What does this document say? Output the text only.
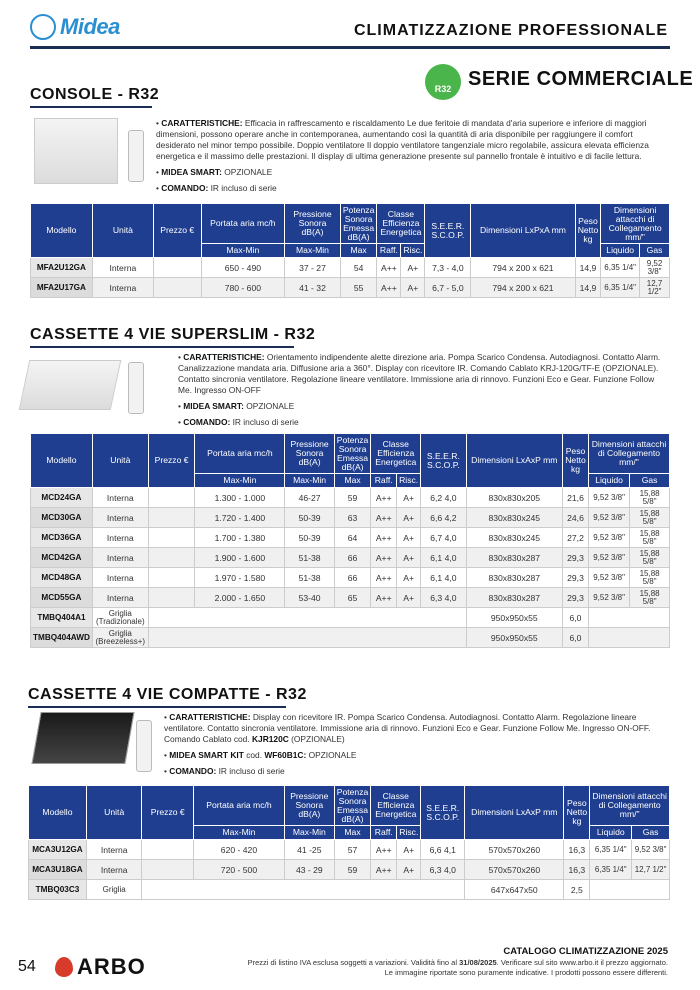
Midea	CLIMATIZZAZIONE PROFESSIONALE
R32 SERIE COMMERCIALE
CONSOLE - R32

• CARATTERISTICHE: Efficacia in raffrescamento e riscaldamento Le due feritoie di mandata d'aria superiore e inferiore di maggiori dimensioni, possono operare anche in contemporanea, aumentando così la quantità di aria disponibile per raggiungere il comfort desiderato nel minor tempo possibile. Doppio ventilatore Il doppio ventilatore tangenziale micro regolabile, assicura elevata efficienza energetica e il massimo delle prestazioni. Il display di ultima generazione presente sul pannello frontale è intuitivo e di facile lettura.

• MIDEA SMART: OPZIONALE

• COMANDO: IR incluso di serie

Modello	Unità	Prezzo €	Portata aria mc/h	Pressione Sonora dB(A)	Potenza Sonora Emessa dB(A)	Classe Efficienza Energetica		S.E.E.R. S.C.O.P.	Dimensioni LxPxA mm	Peso Netto kg	Dimensioni attacchi di Collegamento mm/"	
			Max-Min	Max-Min	Max	Raff.	Risc.				Liquido	Gas
MFA2U12GA	Interna		650 - 490	37 - 27	54	A++	A+	7,3 - 4,0	794 x 200 x 621	14,9	6,35 1/4"	9,52 3/8"
MFA2U17GA	Interna		780 - 600	41 - 32	55	A++	A+	6,7 - 5,0	794 x 200 x 621	14,9	6,35 1/4"	12,7 1/2"
CASSETTE 4 VIE SUPERSLIM - R32

• CARATTERISTICHE: Orientamento indipendente alette direzione aria. Pompa Scarico Condensa. Autodiagnosi. Contatto Alarm. Canalizzazione mandata aria. Diffusione aria a 360°. Display con ricevitore IR. Comando Cablato KRJ-120G/TF-E (OPZIONALE). Contatto sincronia ventilatore. Regolazione lineare ventilatore. Immissione aria di rinnovo. Funzioni Eco e Gear. Funzione Follow Me. Ingresso ON-OFF

• MIDEA SMART: OPZIONALE

• COMANDO: IR incluso di serie

Modello	Unità	Prezzo €	Portata aria mc/h	Pressione Sonora dB(A)	Potenza Sonora Emessa dB(A)	Classe Efficienza Energetica		S.E.E.R. S.C.O.P.	Dimensioni LxAxP mm	Peso Netto kg	Dimensioni attacchi di Collegamento mm/"	
			Max-Min	Max-Min	Max	Raff.	Risc.				Liquido	Gas
MCD24GA	Interna		1.300 - 1.000	46-27	59	A++	A+	6,2 4,0	830x830x205	21,6	9,52 3/8"	15,88 5/8"
MCD30GA	Interna		1.720 - 1.400	50-39	63	A++	A+	6,6 4,2	830x830x245	24,6	9,52 3/8"	15,88 5/8"
MCD36GA	Interna		1.700 - 1.380	50-39	64	A++	A+	6,7 4,0	830x830x245	27,2	9,52 3/8"	15,88 5/8"
MCD42GA	Interna		1.900 - 1.600	51-38	66	A++	A+	6,1 4,0	830x830x287	29,3	9,52 3/8"	15,88 5/8"
MCD48GA	Interna		1.970 - 1.580	51-38	66	A++	A+	6,1 4,0	830x830x287	29,3	9,52 3/8"	15,88 5/8"
MCD55GA	Interna		2.000 - 1.650	53-40	65	A++	A+	6,3 4,0	830x830x287	29,3	9,52 3/8"	15,88 5/8"
TMBQ404A1	Griglia (Tradizionale)								950x950x55	6,0		
TMBQ404AWD	Griglia (Breezeless+)								950x950x55	6,0		
CASSETTE 4 VIE COMPATTE - R32

• CARATTERISTICHE: Display con ricevitore IR. Pompa Scarico Condensa. Autodiagnosi. Contatto Alarm. Regolazione lineare ventilatore. Contatto sincronia ventilatore. Immissione aria di rinnovo. Funzioni Eco e Gear. Funzione Follow Me. Ingresso ON-OFF. Comando Cablato cod. KJR120C (OPZIONALE)

• MIDEA SMART KIT cod. WF60B1C: OPZIONALE

• COMANDO: IR incluso di serie

Modello	Unità	Prezzo €	Portata aria mc/h	Pressione Sonora dB(A)	Potenza Sonora Emessa dB(A)	Classe Efficienza Energetica		S.E.E.R. S.C.O.P.	Dimensioni LxAxP mm	Peso Netto kg	Dimensioni attacchi di Collegamento mm/"	
			Max-Min	Max-Min	Max	Raff.	Risc.				Liquido	Gas
MCA3U12GA	Interna		620 - 420	41 -25	57	A++	A+	6,6 4,1	570x570x260	16,3	6,35 1/4"	9,52 3/8"
MCA3U18GA	Interna		720 - 500	43 - 29	59	A++	A+	6,3 4,0	570x570x260	16,3	6,35 1/4"	12,7 1/2"
TMBQ03C3	Griglia								647x647x50	2,5		
54 ARBO
CATALOGO CLIMATIZZAZIONE 2025
Prezzi di listino IVA esclusa soggetti a variazioni. Validità fino al 31/08/2025. Verificare sul sito www.arbo.it il prezzo aggiornato.
Le immagine riportate sono puramente indicative. I prodotti possono essere differenti.
